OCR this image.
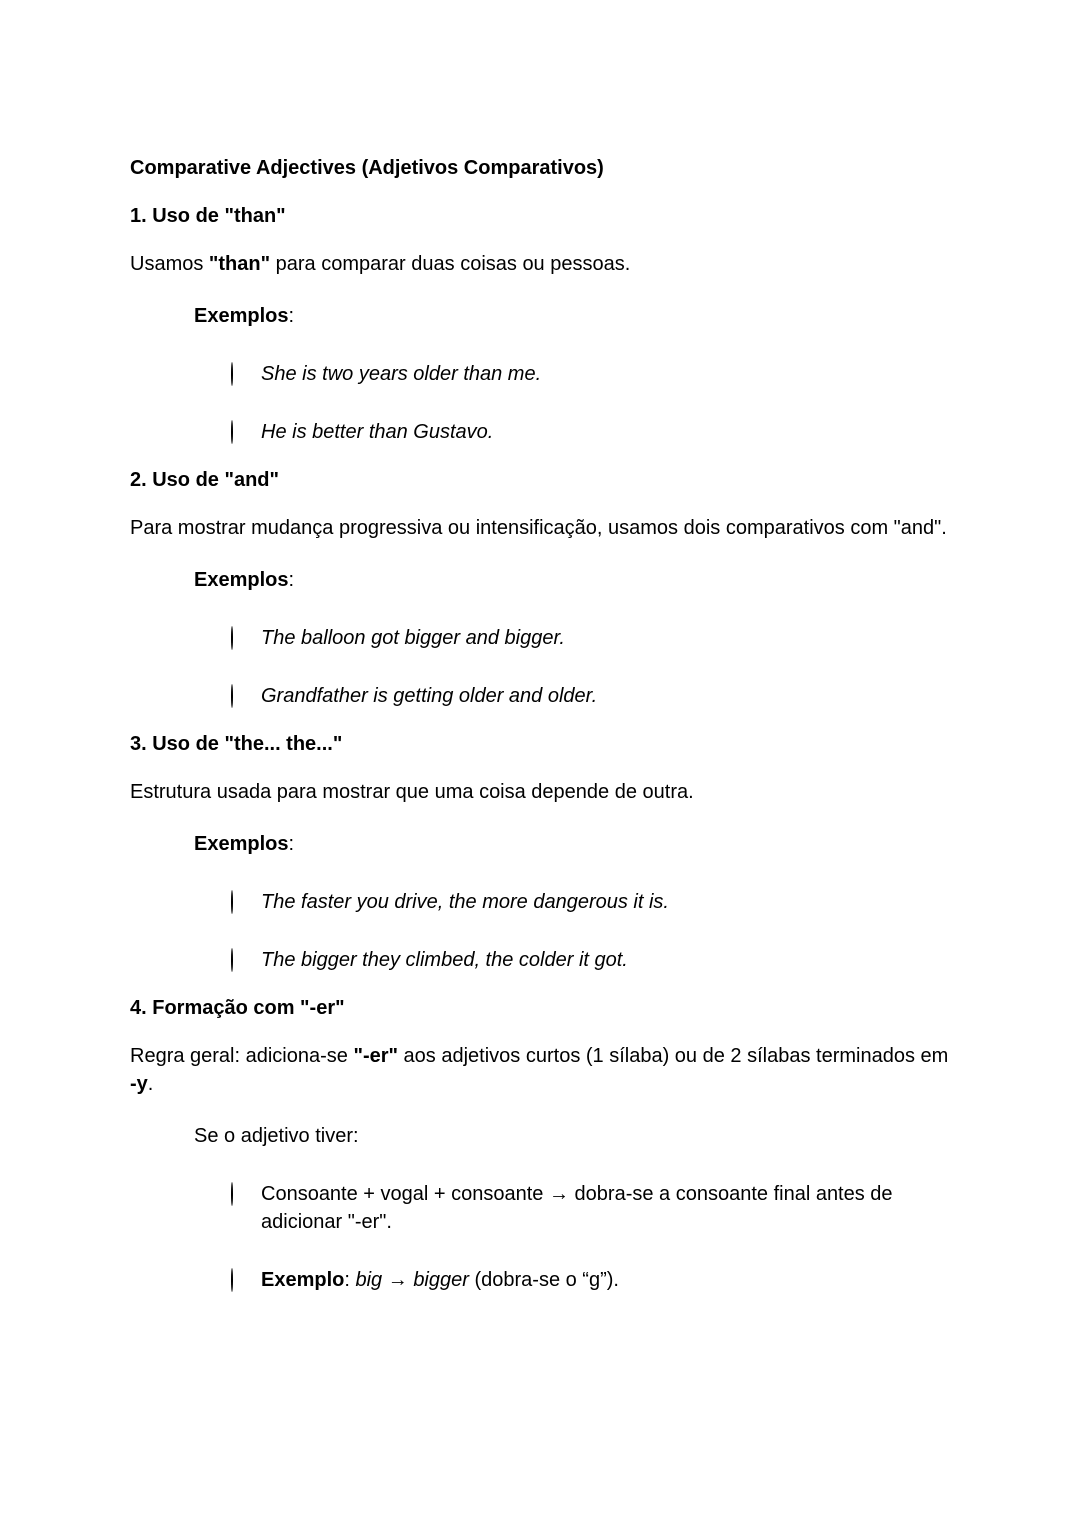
Comparative Adjectives (Adjetivos Comparativos)
1. Uso de "than"
Usamos "than" para comparar duas coisas ou pessoas.
Exemplos:
She is two years older than me.
He is better than Gustavo.
2. Uso de "and"
Para mostrar mudança progressiva ou intensificação, usamos dois comparativos com "and".
Exemplos:
The balloon got bigger and bigger.
Grandfather is getting older and older.
3. Uso de "the... the..."
Estrutura usada para mostrar que uma coisa depende de outra.
Exemplos:
The faster you drive, the more dangerous it is.
The bigger they climbed, the colder it got.
4. Formação com "-er"
Regra geral: adiciona-se "-er" aos adjetivos curtos (1 sílaba) ou de 2 sílabas terminados em -y.
Se o adjetivo tiver:
Consoante + vogal + consoante → dobra-se a consoante final antes de adicionar "-er".
Exemplo: big → bigger (dobra-se o “g”).
